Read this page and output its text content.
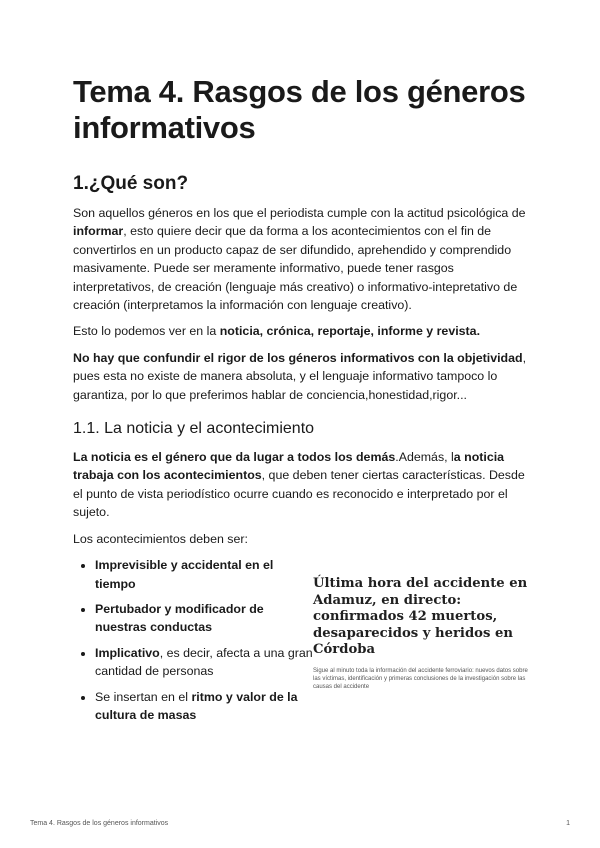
Tema 4. Rasgos de los géneros informativos
1.¿Qué son?

Son aquellos géneros en los que el periodista cumple con la actitud psicológica de informar, esto quiere decir que da forma a los acontecimientos con el fin de convertirlos en un producto capaz de ser difundido, aprehendido y comprendido masivamente. Puede ser meramente informativo, puede tener rasgos interpretativos, de creación (lenguaje más creativo) o informativo-intepretativo de creación (interpretamos la información con lenguaje creativo).

Esto lo podemos ver en la noticia, crónica, reportaje, informe y revista.

No hay que confundir el rigor de los géneros informativos con la objetividad, pues esta no existe de manera absoluta, y el lenguaje informativo tampoco lo garantiza, por lo que preferimos hablar de conciencia,honestidad,rigor...

1.1. La noticia y el acontecimiento

La noticia es el género que da lugar a todos los demás.Además, la noticia trabaja con los acontecimientos, que deben tener ciertas características. Desde el punto de vista periodístico ocurre cuando es reconocido e interpretado por el sujeto.

Los acontecimientos deben ser:

• Imprevisible y accidental en el tiempo
• Pertubador y modificador de nuestras conductas
• Implicativo, es decir, afecta a una gran cantidad de personas
• Se insertan en el ritmo y valor de la cultura de masas

Última hora del accidente en Adamuz, en directo: confirmados 42 muertos, desaparecidos y heridos en Córdoba

Sigue al minuto toda la información del accidente ferroviario: nuevos datos sobre las víctimas, identificación y primeras conclusiones de la investigación sobre las causas del accidente

Tema 4. Rasgos de los géneros informativos	1
